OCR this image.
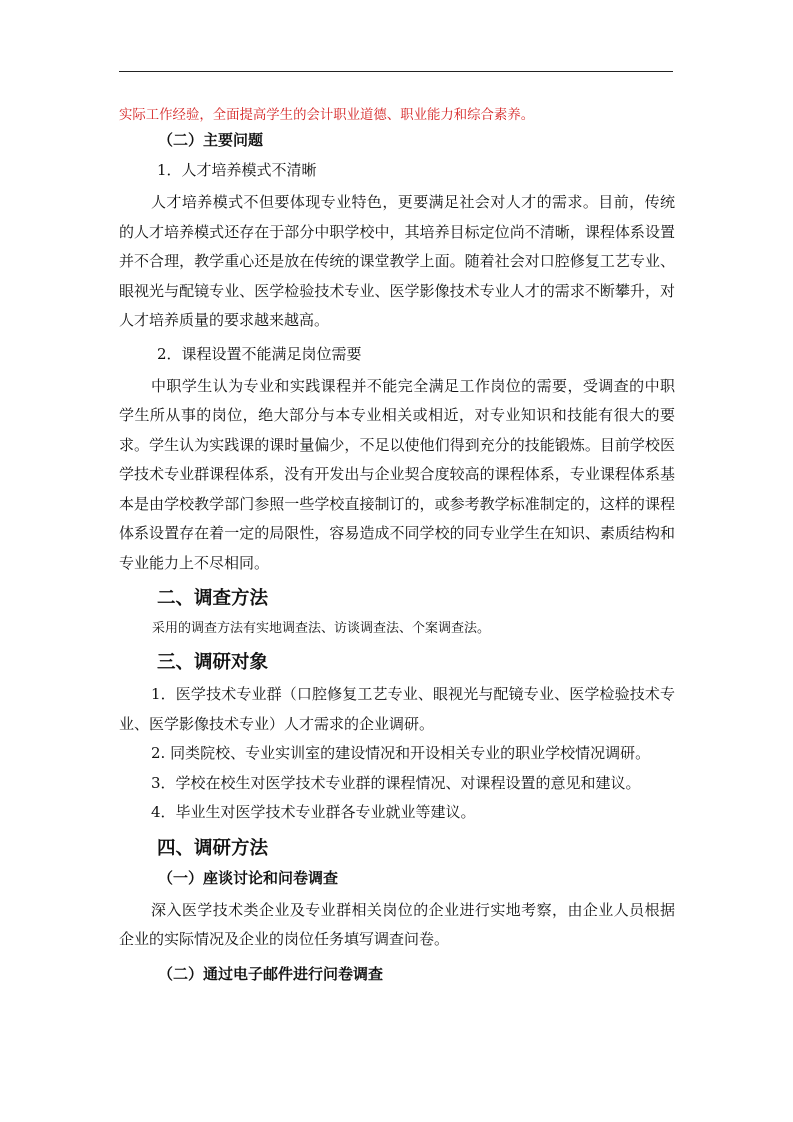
实际工作经验，全面提高学生的会计职业道德、职业能力和综合素养。

（二）主要问题

1．人才培养模式不清晰

人才培养模式不但要体现专业特色，更要满足社会对人才的需求。目前，传统的人才培养模式还存在于部分中职学校中，其培养目标定位尚不清晰，课程体系设置并不合理，教学重心还是放在传统的课堂教学上面。随着社会对口腔修复工艺专业、眼视光与配镜专业、医学检验技术专业、医学影像技术专业人才的需求不断攀升，对人才培养质量的要求越来越高。

2．课程设置不能满足岗位需要

中职学生认为专业和实践课程并不能完全满足工作岗位的需要，受调查的中职学生所从事的岗位，绝大部分与本专业相关或相近，对专业知识和技能有很大的要求。学生认为实践课的课时量偏少，不足以使他们得到充分的技能锻炼。目前学校医学技术专业群课程体系，没有开发出与企业契合度较高的课程体系，专业课程体系基本是由学校教学部门参照一些学校直接制订的，或参考教学标准制定的，这样的课程体系设置存在着一定的局限性，容易造成不同学校的同专业学生在知识、素质结构和专业能力上不尽相同。

二、调查方法

采用的调查方法有实地调查法、访谈调查法、个案调查法。

三、调研对象

1．医学技术专业群（口腔修复工艺专业、眼视光与配镜专业、医学检验技术专业、医学影像技术专业）人才需求的企业调研。

2. 同类院校、专业实训室的建设情况和开设相关专业的职业学校情况调研。

3．学校在校生对医学技术专业群的课程情况、对课程设置的意见和建议。

4．毕业生对医学技术专业群各专业就业等建议。

四、调研方法

（一）座谈讨论和问卷调查

深入医学技术类企业及专业群相关岗位的企业进行实地考察，由企业人员根据企业的实际情况及企业的岗位任务填写调查问卷。

（二）通过电子邮件进行问卷调查
